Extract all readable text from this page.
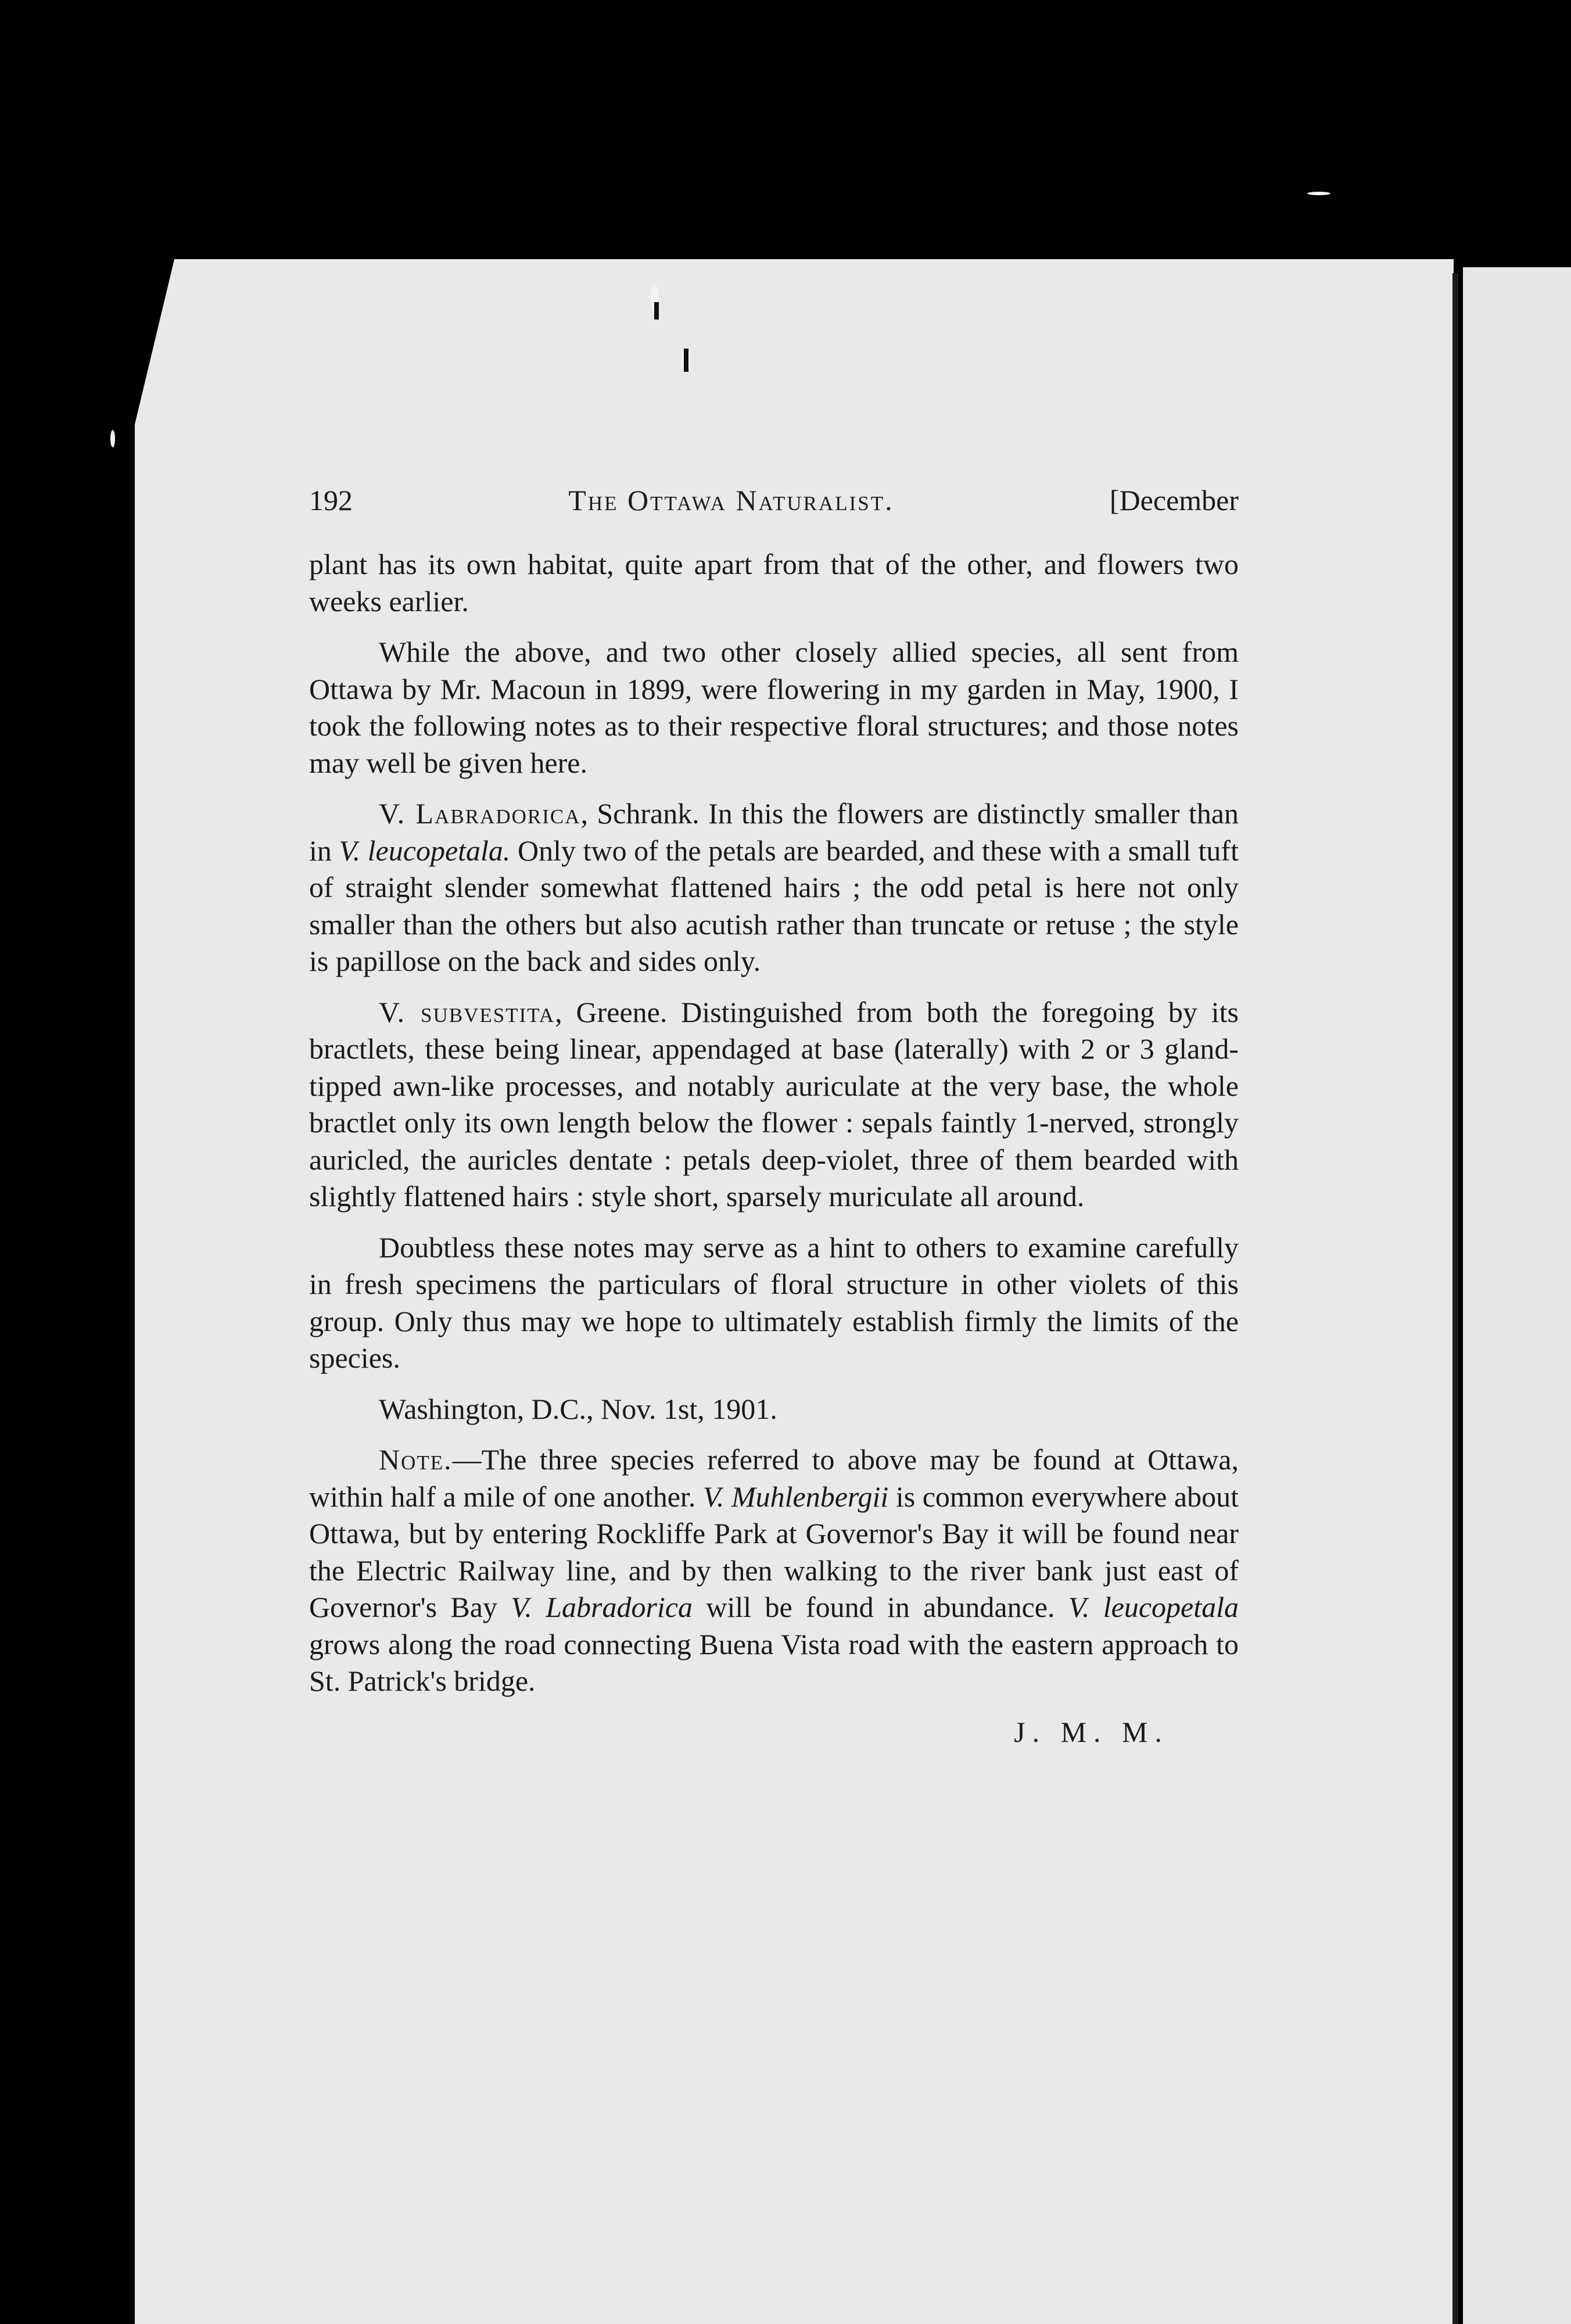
192	The Ottawa Naturalist.	[December

plant has its own habitat, quite apart from that of the other, and flowers two weeks earlier.

While the above, and two other closely allied species, all sent from Ottawa by Mr. Macoun in 1899, were flowering in my garden in May, 1900, I took the following notes as to their respective floral structures; and those notes may well be given here.

V. Labradorica, Schrank. In this the flowers are distinctly smaller than in V. leucopetala. Only two of the petals are bearded, and these with a small tuft of straight slender somewhat flattened hairs ; the odd petal is here not only smaller than the others but also acutish rather than truncate or retuse ; the style is papillose on the back and sides only.

V. subvestita, Greene. Distinguished from both the foregoing by its bractlets, these being linear, appendaged at base (laterally) with 2 or 3 gland-tipped awn-like processes, and notably auriculate at the very base, the whole bractlet only its own length below the flower : sepals faintly 1-nerved, strongly auricled, the auricles dentate : petals deep-violet, three of them bearded with slightly flattened hairs : style short, sparsely muriculate all around.

Doubtless these notes may serve as a hint to others to examine carefully in fresh specimens the particulars of floral structure in other violets of this group. Only thus may we hope to ultimately establish firmly the limits of the species.

Washington, D.C., Nov. 1st, 1901.

Note.—The three species referred to above may be found at Ottawa, within half a mile of one another. V. Muhlenbergii is common everywhere about Ottawa, but by entering Rockliffe Park at Governor's Bay it will be found near the Electric Railway line, and by then walking to the river bank just east of Governor's Bay V. Labradorica will be found in abundance. V. leucopetala grows along the road connecting Buena Vista road with the eastern approach to St. Patrick's bridge.

J. M. M.
